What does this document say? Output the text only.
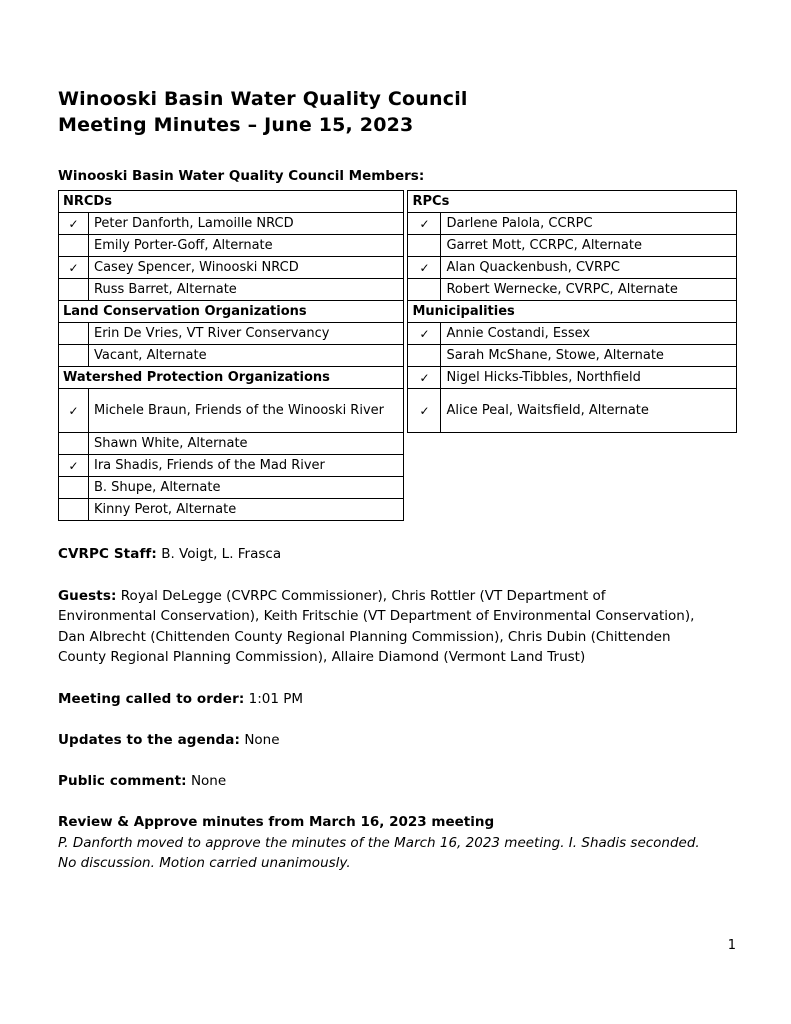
Winooski Basin Water Quality Council
Meeting Minutes – June 15, 2023
Winooski Basin Water Quality Council Members:
NRCDs	
✓	Peter Danforth, Lamoille NRCD
	Emily Porter-Goff, Alternate
✓	Casey Spencer, Winooski NRCD
	Russ Barret, Alternate
Land Conservation Organizations	
	Erin De Vries, VT River Conservancy
	Vacant, Alternate
Watershed Protection Organizations	
✓	Michele Braun, Friends of the Winooski River
	Shawn White, Alternate
✓	Ira Shadis, Friends of the Mad River
	B. Shupe, Alternate
	Kinny Perot, Alternate
RPCs	
✓	Darlene Palola, CCRPC
	Garret Mott, CCRPC, Alternate
✓	Alan Quackenbush, CVRPC
	Robert Wernecke, CVRPC, Alternate
Municipalities	
✓	Annie Costandi, Essex
	Sarah McShane, Stowe, Alternate
✓	Nigel Hicks-Tibbles, Northfield
✓	Alice Peal, Waitsfield, Alternate

CVRPC Staff: B. Voigt, L. Frasca

Guests: Royal DeLegge (CVRPC Commissioner), Chris Rottler (VT Department of Environmental Conservation), Keith Fritschie (VT Department of Environmental Conservation), Dan Albrecht (Chittenden County Regional Planning Commission), Chris Dubin (Chittenden County Regional Planning Commission), Allaire Diamond (Vermont Land Trust)

Meeting called to order: 1:01 PM

Updates to the agenda: None

Public comment: None

Review & Approve minutes from March 16, 2023 meeting

P. Danforth moved to approve the minutes of the March 16, 2023 meeting. I. Shadis seconded. No discussion. Motion carried unanimously.

1
